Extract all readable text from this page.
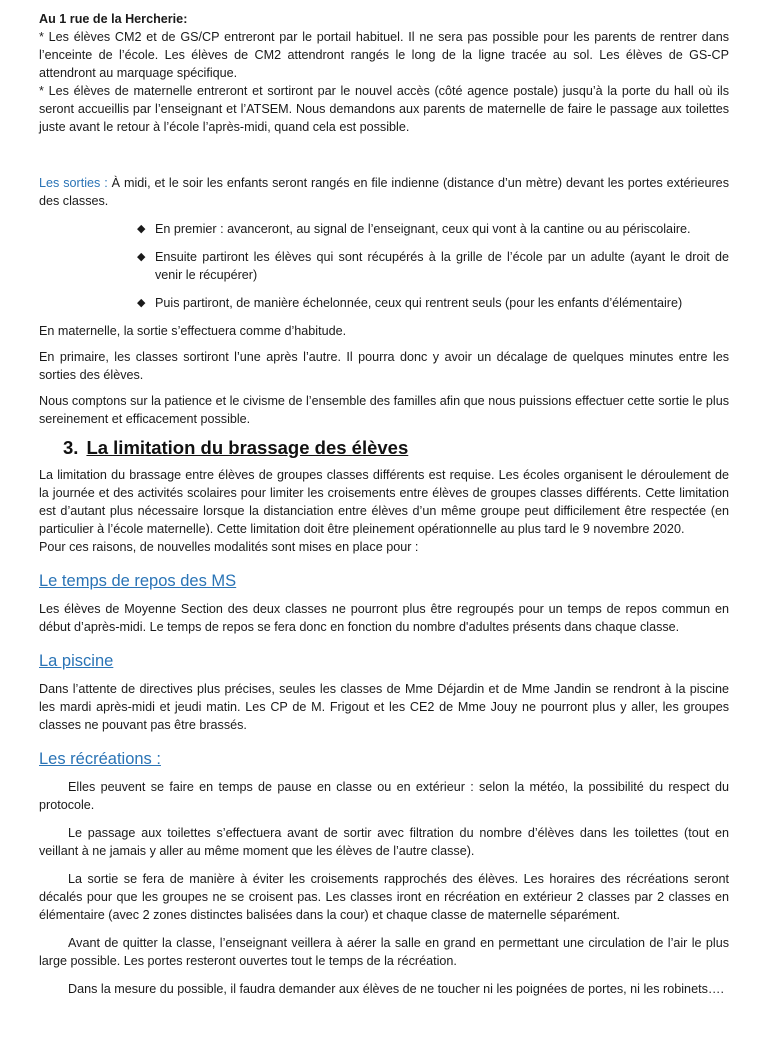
Au 1 rue de la Hercherie:

* Les élèves CM2 et de GS/CP entreront par le portail habituel. Il ne sera pas possible pour les parents de rentrer dans l’enceinte de l’école. Les élèves de CM2 attendront rangés le long de la ligne tracée au sol. Les élèves de GS-CP attendront au marquage spécifique.

* Les élèves de maternelle entreront et sortiront par le nouvel accès (côté agence postale) jusqu’à la porte du hall où ils seront accueillis par l’enseignant et l’ATSEM. Nous demandons aux parents de maternelle de faire le passage aux toilettes juste avant le retour à l’école l’après-midi, quand cela est possible.

Les sorties : À midi, et le soir les enfants seront rangés en file indienne (distance d’un mètre) devant les portes extérieures des classes.

◆ En premier : avanceront, au signal de l’enseignant, ceux qui vont à la cantine ou au périscolaire.
◆ Ensuite partiront les élèves qui sont récupérés à la grille de l’école par un adulte (ayant le droit de venir le récupérer)
◆ Puis partiront, de manière échelonnée, ceux qui rentrent seuls (pour les enfants d’élémentaire)

En maternelle, la sortie s’effectuera comme d’habitude.

En primaire, les classes sortiront l’une après l’autre. Il pourra donc y avoir un décalage de quelques minutes entre les sorties des élèves.

Nous comptons sur la patience et le civisme de l’ensemble des familles afin que nous puissions effectuer cette sortie le plus sereinement et efficacement possible.

3. La limitation du brassage des élèves

La limitation du brassage entre élèves de groupes classes différents est requise. Les écoles organisent le déroulement de la journée et des activités scolaires pour limiter les croisements entre élèves de groupes classes différents. Cette limitation est d’autant plus nécessaire lorsque la distanciation entre élèves d’un même groupe peut difficilement être respectée (en particulier à l’école maternelle). Cette limitation doit être pleinement opérationnelle au plus tard le 9 novembre 2020.

Pour ces raisons, de nouvelles modalités sont mises en place pour :

Le temps de repos des MS

Les élèves de Moyenne Section des deux classes ne pourront plus être regroupés pour un temps de repos commun en début d’après-midi. Le temps de repos se fera donc en fonction du nombre d'adultes présents dans chaque classe.

La piscine

Dans l’attente de directives plus précises, seules les classes de Mme Déjardin et de Mme Jandin se rendront à la piscine les mardi après-midi et jeudi matin. Les CP de M. Frigout et les CE2 de Mme Jouy ne pourront plus y aller, les groupes classes ne pouvant pas être brassés.

Les récréations :

Elles peuvent se faire en temps de pause en classe ou en extérieur : selon la météo, la possibilité du respect du protocole.

Le passage aux toilettes s’effectuera avant de sortir avec filtration du nombre d’élèves dans les toilettes (tout en veillant à ne jamais y aller au même moment que les élèves de l’autre classe).

La sortie se fera de manière à éviter les croisements rapprochés des élèves. Les horaires des récréations seront décalés pour que les groupes ne se croisent pas. Les classes iront en récréation en extérieur 2 classes par 2 classes en élémentaire (avec 2 zones distinctes balisées dans la cour) et chaque classe de maternelle séparément.

Avant de quitter la classe, l’enseignant veillera à aérer la salle en grand en permettant une circulation de l’air le plus large possible. Les portes resteront ouvertes tout le temps de la récréation.

Dans la mesure du possible, il faudra demander aux élèves de ne toucher ni les poignées de portes, ni les robinets….
